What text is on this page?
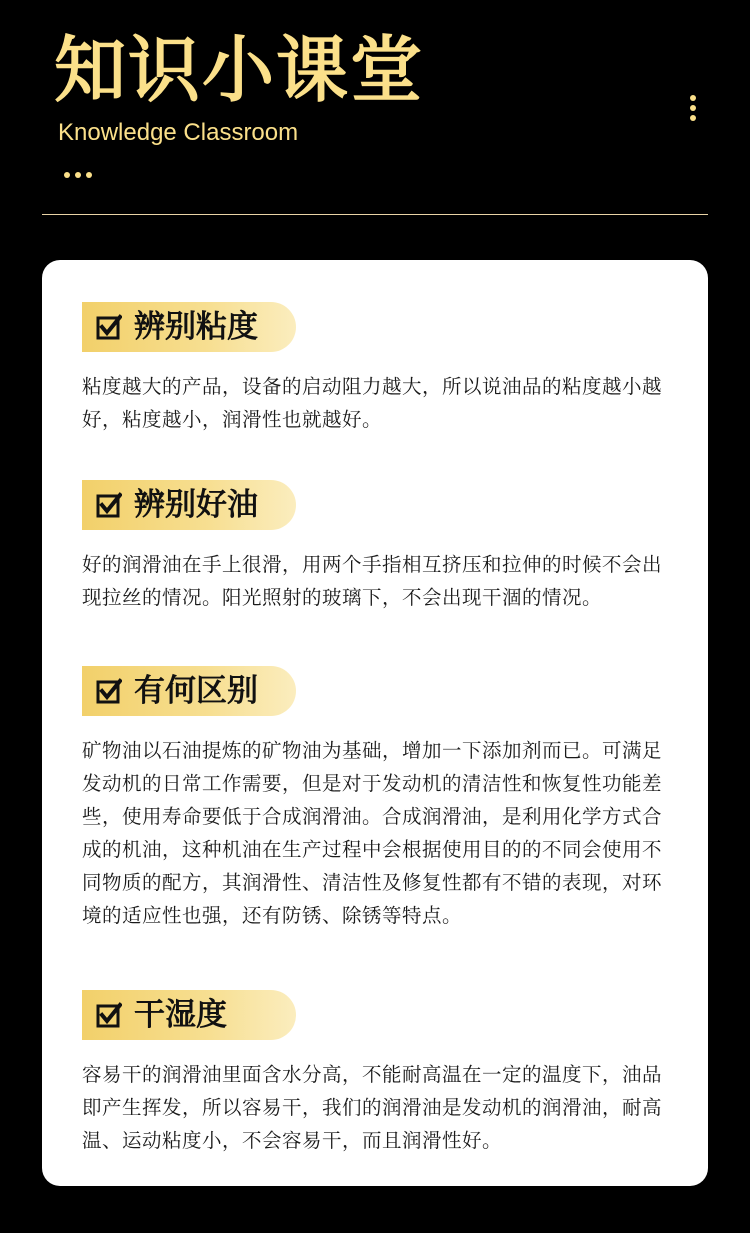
知识小课堂
Knowledge Classroom
辨别粘度
粘度越大的产品，设备的启动阻力越大，所以说油品的粘度越小越好，粘度越小，润滑性也就越好。
辨别好油
好的润滑油在手上很滑，用两个手指相互挤压和拉伸的时候不会出现拉丝的情况。阳光照射的玻璃下，不会出现干涸的情况。
有何区别
矿物油以石油提炼的矿物油为基础，增加一下添加剂而已。可满足发动机的日常工作需要，但是对于发动机的清洁性和恢复性功能差些，使用寿命要低于合成润滑油。合成润滑油，是利用化学方式合成的机油，这种机油在生产过程中会根据使用目的的不同会使用不同物质的配方，其润滑性、清洁性及修复性都有不错的表现，对环境的适应性也强，还有防锈、除锈等特点。
干湿度
容易干的润滑油里面含水分高，不能耐高温在一定的温度下，油品即产生挥发，所以容易干，我们的润滑油是发动机的润滑油，耐高温、运动粘度小，不会容易干，而且润滑性好。
